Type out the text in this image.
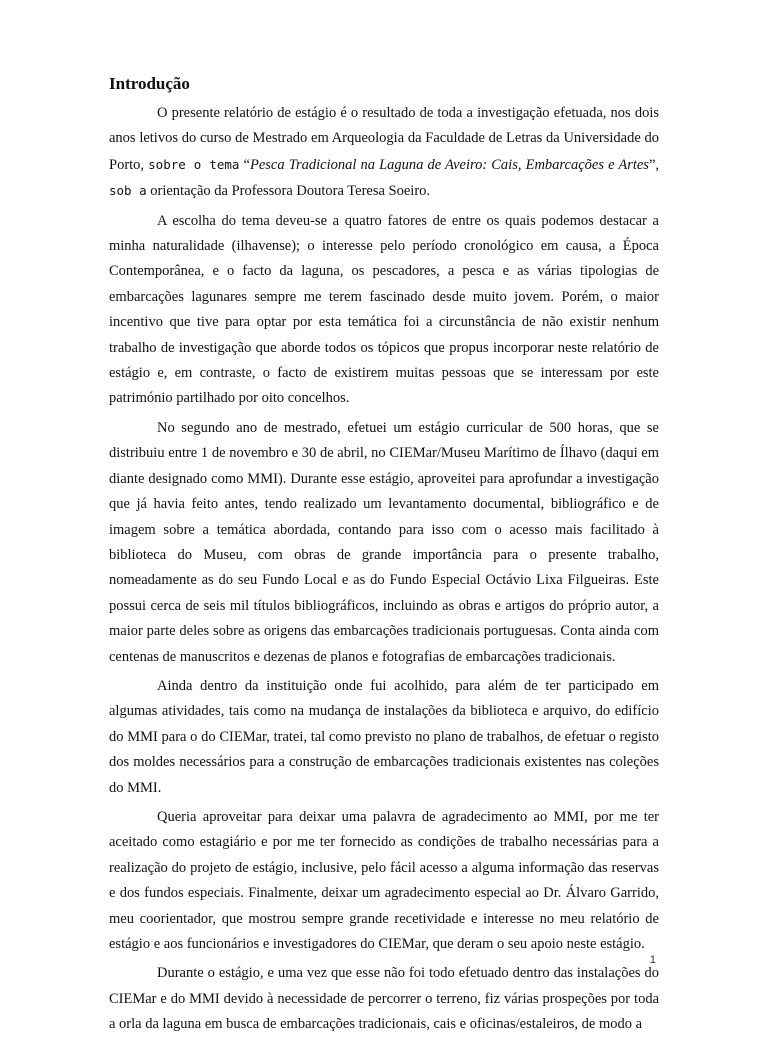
Introdução

O presente relatório de estágio é o resultado de toda a investigação efetuada, nos dois anos letivos do curso de Mestrado em Arqueologia da Faculdade de Letras da Universidade do Porto, sobre o tema “Pesca Tradicional na Laguna de Aveiro: Cais, Embarcações e Artes”, sob a orientação da Professora Doutora Teresa Soeiro.

A escolha do tema deveu-se a quatro fatores de entre os quais podemos destacar a minha naturalidade (ilhavense); o interesse pelo período cronológico em causa, a Época Contemporânea, e o facto da laguna, os pescadores, a pesca e as várias tipologias de embarcações lagunares sempre me terem fascinado desde muito jovem. Porém, o maior incentivo que tive para optar por esta temática foi a circunstância de não existir nenhum trabalho de investigação que aborde todos os tópicos que propus incorporar neste relatório de estágio e, em contraste, o facto de existirem muitas pessoas que se interessam por este património partilhado por oito concelhos.

No segundo ano de mestrado, efetuei um estágio curricular de 500 horas, que se distribuiu entre 1 de novembro e 30 de abril, no CIEMar/Museu Marítimo de Ílhavo (daqui em diante designado como MMI). Durante esse estágio, aproveitei para aprofundar a investigação que já havia feito antes, tendo realizado um levantamento documental, bibliográfico e de imagem sobre a temática abordada, contando para isso com o acesso mais facilitado à biblioteca do Museu, com obras de grande importância para o presente trabalho, nomeadamente as do seu Fundo Local e as do Fundo Especial Octávio Lixa Filgueiras. Este possui cerca de seis mil títulos bibliográficos, incluindo as obras e artigos do próprio autor, a maior parte deles sobre as origens das embarcações tradicionais portuguesas. Conta ainda com centenas de manuscritos e dezenas de planos e fotografias de embarcações tradicionais.

Ainda dentro da instituição onde fui acolhido, para além de ter participado em algumas atividades, tais como na mudança de instalações da biblioteca e arquivo, do edifício do MMI para o do CIEMar, tratei, tal como previsto no plano de trabalhos, de efetuar o registo dos moldes necessários para a construção de embarcações tradicionais existentes nas coleções do MMI.

Queria aproveitar para deixar uma palavra de agradecimento ao MMI, por me ter aceitado como estagiário e por me ter fornecido as condições de trabalho necessárias para a realização do projeto de estágio, inclusive, pelo fácil acesso a alguma informação das reservas e dos fundos especiais. Finalmente, deixar um agradecimento especial ao Dr. Álvaro Garrido, meu coorientador, que mostrou sempre grande recetividade e interesse no meu relatório de estágio e aos funcionários e investigadores do CIEMar, que deram o seu apoio neste estágio.

Durante o estágio, e uma vez que esse não foi todo efetuado dentro das instalações do CIEMar e do MMI devido à necessidade de percorrer o terreno, fiz várias prospeções por toda a orla da laguna em busca de embarcações tradicionais, cais e oficinas/estaleiros, de modo a

1
